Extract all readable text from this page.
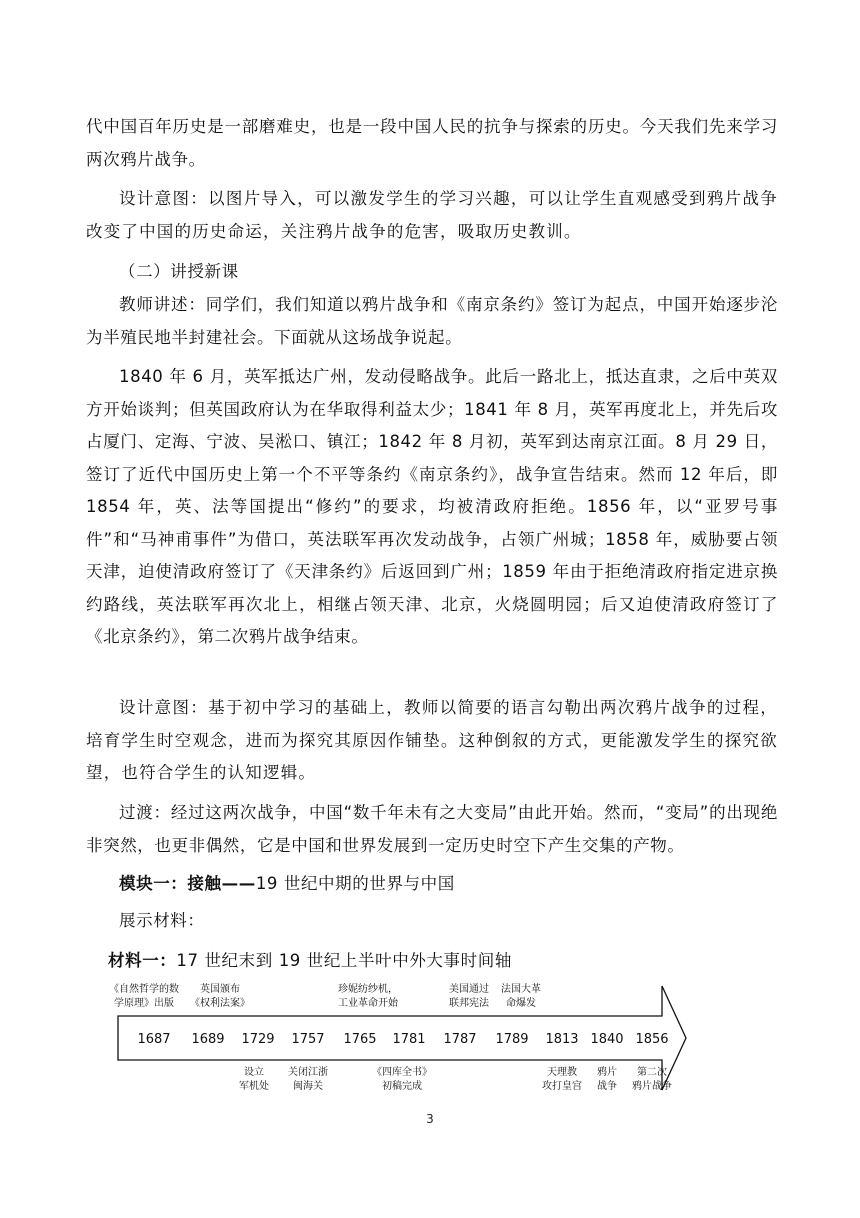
代中国百年历史是一部磨难史，也是一段中国人民的抗争与探索的历史。今天我们先来学习两次鸦片战争。

设计意图：以图片导入，可以激发学生的学习兴趣，可以让学生直观感受到鸦片战争改变了中国的历史命运，关注鸦片战争的危害，吸取历史教训。

（二）讲授新课

教师讲述：同学们，我们知道以鸦片战争和《南京条约》签订为起点，中国开始逐步沦为半殖民地半封建社会。下面就从这场战争说起。

1840 年 6 月，英军抵达广州，发动侵略战争。此后一路北上，抵达直隶，之后中英双方开始谈判；但英国政府认为在华取得利益太少；1841 年 8 月，英军再度北上，并先后攻占厦门、定海、宁波、吴淞口、镇江；1842 年 8 月初，英军到达南京江面。8 月 29 日，签订了近代中国历史上第一个不平等条约《南京条约》，战争宣告结束。然而 12 年后，即 1854 年，英、法等国提出“修约”的要求，均被清政府拒绝。1856 年，以“亚罗号事件”和“马神甫事件”为借口，英法联军再次发动战争，占领广州城；1858 年，威胁要占领天津，迫使清政府签订了《天津条约》后返回到广州；1859 年由于拒绝清政府指定进京换约路线，英法联军再次北上，相继占领天津、北京，火烧圆明园；后又迫使清政府签订了《北京条约》，第二次鸦片战争结束。

设计意图：基于初中学习的基础上，教师以简要的语言勾勒出两次鸦片战争的过程，培育学生时空观念，进而为探究其原因作铺垫。这种倒叙的方式，更能激发学生的探究欲望，也符合学生的认知逻辑。

过渡：经过这两次战争，中国“数千年未有之大变局”由此开始。然而，“变局”的出现绝非突然，也更非偶然，它是中国和世界发展到一定历史时空下产生交集的产物。

模块一：接触——19 世纪中期的世界与中国

展示材料：

材料一：17 世纪末到 19 世纪上半叶中外大事时间轴

1687 1689 1729 1757 1765 1781 1787 1789 1813 1840 1856
《自然哲学的数
学原理》出版
英国颁布
《权利法案》
珍妮纺纱机，
工业革命开始
美国通过
联邦宪法
法国大革
命爆发
设立
军机处
关闭江浙
闽海关
《四库全书》
初稿完成
天理教
攻打皇宫
鸦片
战争
第二次
鸦片战争
3
